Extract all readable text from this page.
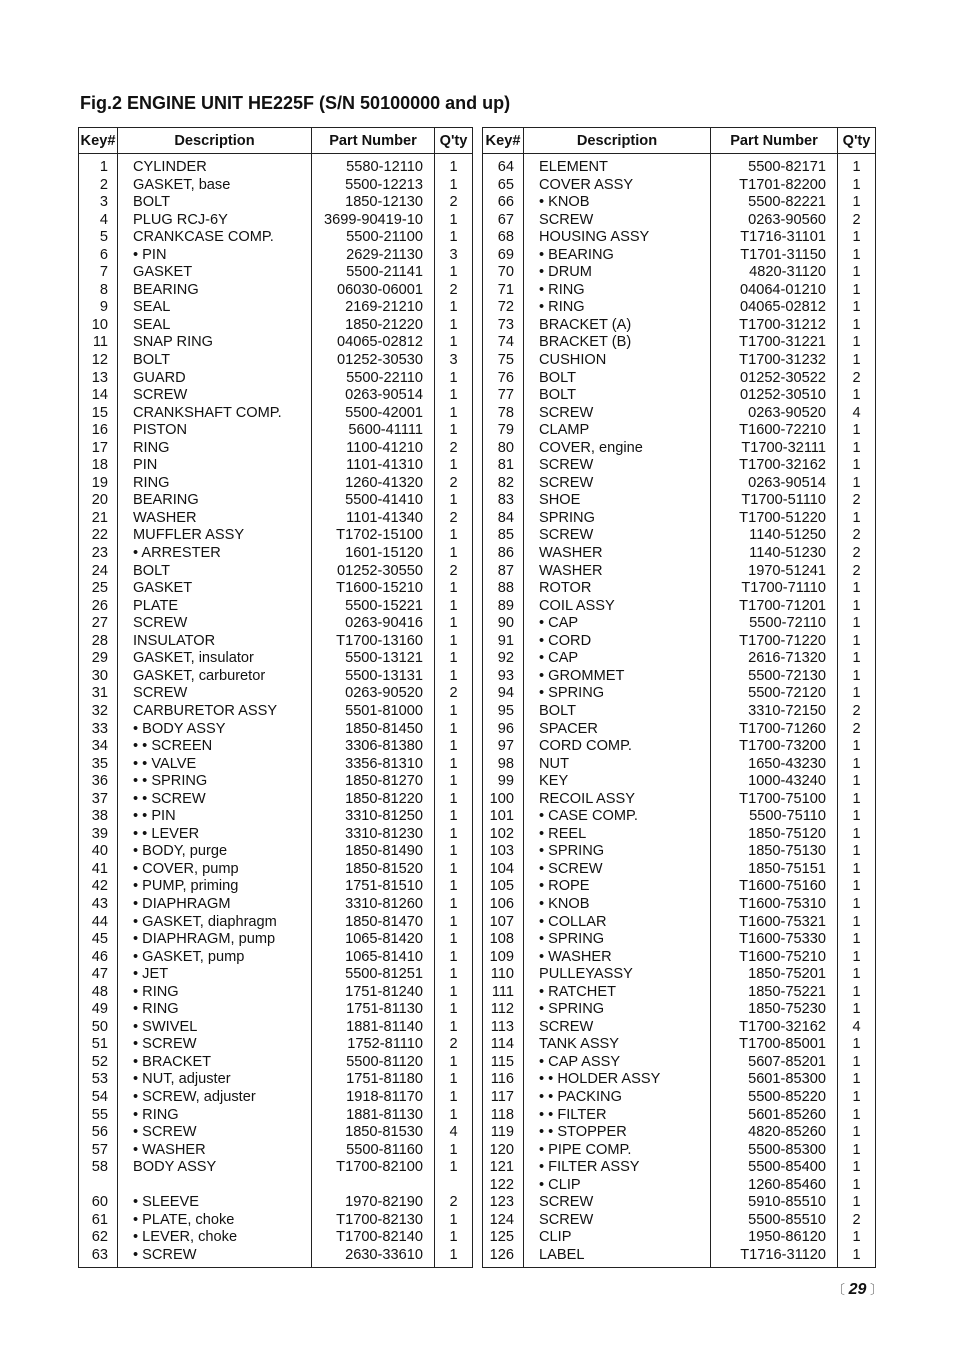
Fig.2 ENGINE UNIT HE225F (S/N 50100000 and up)
Key#	Description	Part Number	Q'ty
1	CYLINDER	5580-12110	1
2	GASKET, base	5500-12213	1
3	BOLT	1850-12130	2
4	PLUG RCJ-6Y	3699-90419-10	1
5	CRANKCASE COMP.	5500-21100	1
6	• PIN	2629-21130	3
7	GASKET	5500-21141	1
8	BEARING	06030-06001	2
9	SEAL	2169-21210	1
10	SEAL	1850-21220	1
11	SNAP RING	04065-02812	1
12	BOLT	01252-30530	3
13	GUARD	5500-22110	1
14	SCREW	0263-90514	1
15	CRANKSHAFT COMP.	5500-42001	1
16	PISTON	5600-41111	1
17	RING	1100-41210	2
18	PIN	1101-41310	1
19	RING	1260-41320	2
20	BEARING	5500-41410	1
21	WASHER	1101-41340	2
22	MUFFLER ASSY	T1702-15100	1
23	• ARRESTER	1601-15120	1
24	BOLT	01252-30550	2
25	GASKET	T1600-15210	1
26	PLATE	5500-15221	1
27	SCREW	0263-90416	1
28	INSULATOR	T1700-13160	1
29	GASKET, insulator	5500-13121	1
30	GASKET, carburetor	5500-13131	1
31	SCREW	0263-90520	2
32	CARBURETOR ASSY	5501-81000	1
33	• BODY ASSY	1850-81450	1
34	• • SCREEN	3306-81380	1
35	• • VALVE	3356-81310	1
36	• • SPRING	1850-81270	1
37	• • SCREW	1850-81220	1
38	• • PIN	3310-81250	1
39	• • LEVER	3310-81230	1
40	• BODY, purge	1850-81490	1
41	• COVER, pump	1850-81520	1
42	• PUMP, priming	1751-81510	1
43	• DIAPHRAGM	3310-81260	1
44	• GASKET, diaphragm	1850-81470	1
45	• DIAPHRAGM, pump	1065-81420	1
46	• GASKET, pump	1065-81410	1
47	• JET	5500-81251	1
48	• RING	1751-81240	1
49	• RING	1751-81130	1
50	• SWIVEL	1881-81140	1
51	• SCREW	1752-81110	2
52	• BRACKET	5500-81120	1
53	• NUT, adjuster	1751-81180	1
54	• SCREW, adjuster	1918-81170	1
55	• RING	1881-81130	1
56	• SCREW	1850-81530	4
57	• WASHER	5500-81160	1
58	BODY ASSY	T1700-82100	1

60	• SLEEVE	1970-82190	2
61	• PLATE, choke	T1700-82130	1
62	• LEVER, choke	T1700-82140	1
63	• SCREW	2630-33610	1
Key#	Description	Part Number	Q'ty
64	ELEMENT	5500-82171	1
65	COVER ASSY	T1701-82200	1
66	• KNOB	5500-82221	1
67	SCREW	0263-90560	2
68	HOUSING ASSY	T1716-31101	1
69	• BEARING	T1701-31150	1
70	• DRUM	4820-31120	1
71	• RING	04064-01210	1
72	• RING	04065-02812	1
73	BRACKET (A)	T1700-31212	1
74	BRACKET (B)	T1700-31221	1
75	CUSHION	T1700-31232	1
76	BOLT	01252-30522	2
77	BOLT	01252-30510	1
78	SCREW	0263-90520	4
79	CLAMP	T1600-72210	1
80	COVER, engine	T1700-32111	1
81	SCREW	T1700-32162	1
82	SCREW	0263-90514	1
83	SHOE	T1700-51110	2
84	SPRING	T1700-51220	1
85	SCREW	1140-51250	2
86	WASHER	1140-51230	2
87	WASHER	1970-51241	2
88	ROTOR	T1700-71110	1
89	COIL ASSY	T1700-71201	1
90	• CAP	5500-72110	1
91	• CORD	T1700-71220	1
92	• CAP	2616-71320	1
93	• GROMMET	5500-72130	1
94	• SPRING	5500-72120	1
95	BOLT	3310-72150	2
96	SPACER	T1700-71260	2
97	CORD COMP.	T1700-73200	1
98	NUT	1650-43230	1
99	KEY	1000-43240	1
100	RECOIL ASSY	T1700-75100	1
101	• CASE COMP.	5500-75110	1
102	• REEL	1850-75120	1
103	• SPRING	1850-75130	1
104	• SCREW	1850-75151	1
105	• ROPE	T1600-75160	1
106	• KNOB	T1600-75310	1
107	• COLLAR	T1600-75321	1
108	• SPRING	T1600-75330	1
109	• WASHER	T1600-75210	1
110	PULLEYASSY	1850-75201	1
111	• RATCHET	1850-75221	1
112	• SPRING	1850-75230	1
113	SCREW	T1700-32162	4
114	TANK ASSY	T1700-85001	1
115	• CAP ASSY	5607-85201	1
116	• • HOLDER ASSY	5601-85300	1
117	• • PACKING	5500-85220	1
118	• • FILTER	5601-85260	1
119	• • STOPPER	4820-85260	1
120	• PIPE COMP.	5500-85300	1
121	• FILTER ASSY	5500-85400	1
122	• CLIP	1260-85460	1
123	SCREW	5910-85510	1
124	SCREW	5500-85510	2
125	CLIP	1950-86120	1
126	LABEL	T1716-31120	1
〔 29 〕
